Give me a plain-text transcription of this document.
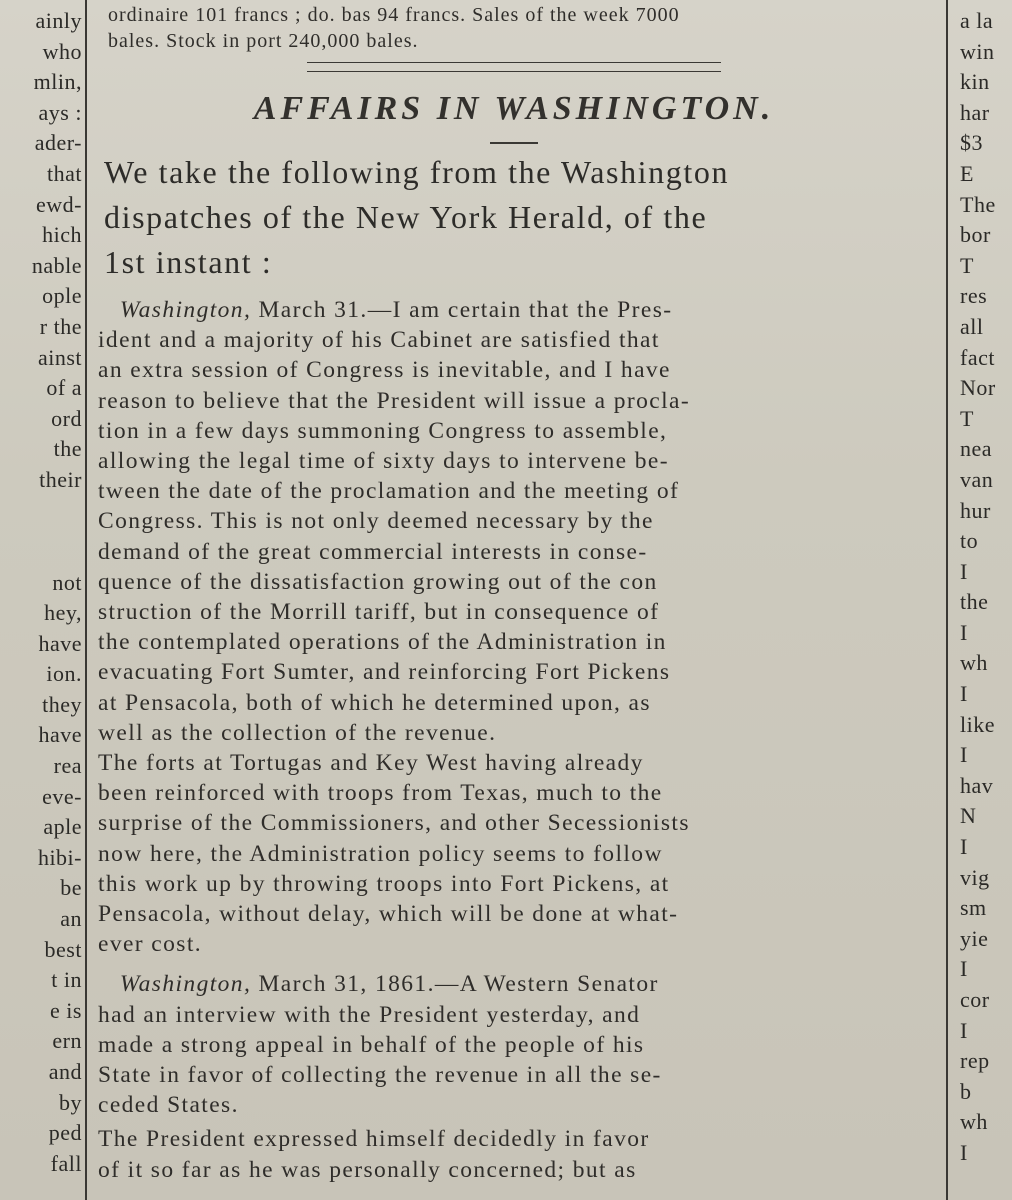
ainly
who
mlin,
ays :
ader-
that
ewd-
hich
nable
ople
r the
ainst
of a
ord
the
their
not
hey,
have
ion.
they
have
rea
eve-
aple
hibi-
be
an
best
t in
e is
ern
and
by
ped
fall
a la
win
kin
har
$3
E
The
bor
T
res
all
fact
Nor
T
nea
van
hur
to
I
the
I
wh
I
like
I
hav
N
I
vig
sm
yie
I
cor
I
rep
b
wh
I
ordinaire 101 francs ; do. bas 94 francs. Sales of the week 7000
bales. Stock in port 240,000 bales.
AFFAIRS IN WASHINGTON.
We take the following from the Washington
dispatches of the New York Herald, of the
1st instant :
Washington, March 31.—I am certain that the Pres-
ident and a majority of his Cabinet are satisfied that
an extra session of Congress is inevitable, and I have
reason to believe that the President will issue a procla-
tion in a few days summoning Congress to assemble,
allowing the legal time of sixty days to intervene be-
tween the date of the proclamation and the meeting of
Congress. This is not only deemed necessary by the
demand of the great commercial interests in conse-
quence of the dissatisfaction growing out of the con
struction of the Morrill tariff, but in consequence of
the contemplated operations of the Administration in
evacuating Fort Sumter, and reinforcing Fort Pickens
at Pensacola, both of which he determined upon, as
well as the collection of the revenue.
The forts at Tortugas and Key West having already
been reinforced with troops from Texas, much to the
surprise of the Commissioners, and other Secessionists
now here, the Administration policy seems to follow
this work up by throwing troops into Fort Pickens, at
Pensacola, without delay, which will be done at what-
ever cost.
Washington, March 31, 1861.—A Western Senator
had an interview with the President yesterday, and
made a strong appeal in behalf of the people of his
State in favor of collecting the revenue in all the se-
ceded States.
The President expressed himself decidedly in favor
of it so far as he was personally concerned; but as
